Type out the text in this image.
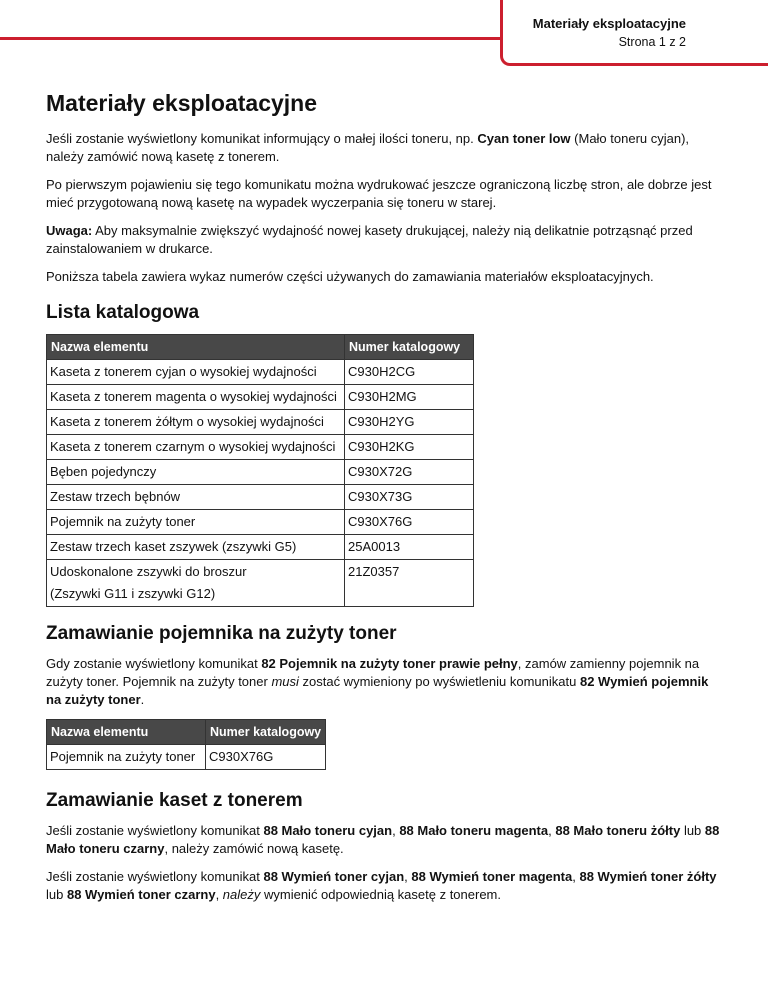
Materiały eksploatacyjne
Strona 1 z 2
Materiały eksploatacyjne

Jeśli zostanie wyświetlony komunikat informujący o małej ilości toneru, np. Cyan toner low (Mało toneru cyjan), należy zamówić nową kasetę z tonerem.

Po pierwszym pojawieniu się tego komunikatu można wydrukować jeszcze ograniczoną liczbę stron, ale dobrze jest mieć przygotowaną nową kasetę na wypadek wyczerpania się toneru w starej.

Uwaga: Aby maksymalnie zwiększyć wydajność nowej kasety drukującej, należy nią delikatnie potrząsnąć przed zainstalowaniem w drukarce.

Poniższa tabela zawiera wykaz numerów części używanych do zamawiania materiałów eksploatacyjnych.

Lista katalogowa
Nazwa elementu	Numer katalogowy
Kaseta z tonerem cyjan o wysokiej wydajności	C930H2CG
Kaseta z tonerem magenta o wysokiej wydajności	C930H2MG
Kaseta z tonerem żółtym o wysokiej wydajności	C930H2YG
Kaseta z tonerem czarnym o wysokiej wydajności	C930H2KG
Bęben pojedynczy	C930X72G
Zestaw trzech bębnów	C930X73G
Pojemnik na zużyty toner	C930X76G
Zestaw trzech kaset zszywek (zszywki G5)	25A0013

Udoskonalone zszywki do broszur
(Zszywki G11 i zszywki G12)	21Z0357
Zamawianie pojemnika na zużyty toner

Gdy zostanie wyświetlony komunikat 82 Pojemnik na zużyty toner prawie pełny, zamów zamienny pojemnik na zużyty toner. Pojemnik na zużyty toner musi zostać wymieniony po wyświetleniu komunikatu 82 Wymień pojemnik na zużyty toner.

Nazwa elementu	Numer katalogowy
Pojemnik na zużyty toner	C930X76G
Zamawianie kaset z tonerem

Jeśli zostanie wyświetlony komunikat 88 Mało toneru cyjan, 88 Mało toneru magenta, 88 Mało toneru żółty lub 88 Mało toneru czarny, należy zamówić nową kasetę.

Jeśli zostanie wyświetlony komunikat 88 Wymień toner cyjan, 88 Wymień toner magenta, 88 Wymień toner żółty lub 88 Wymień toner czarny, należy wymienić odpowiednią kasetę z tonerem.
